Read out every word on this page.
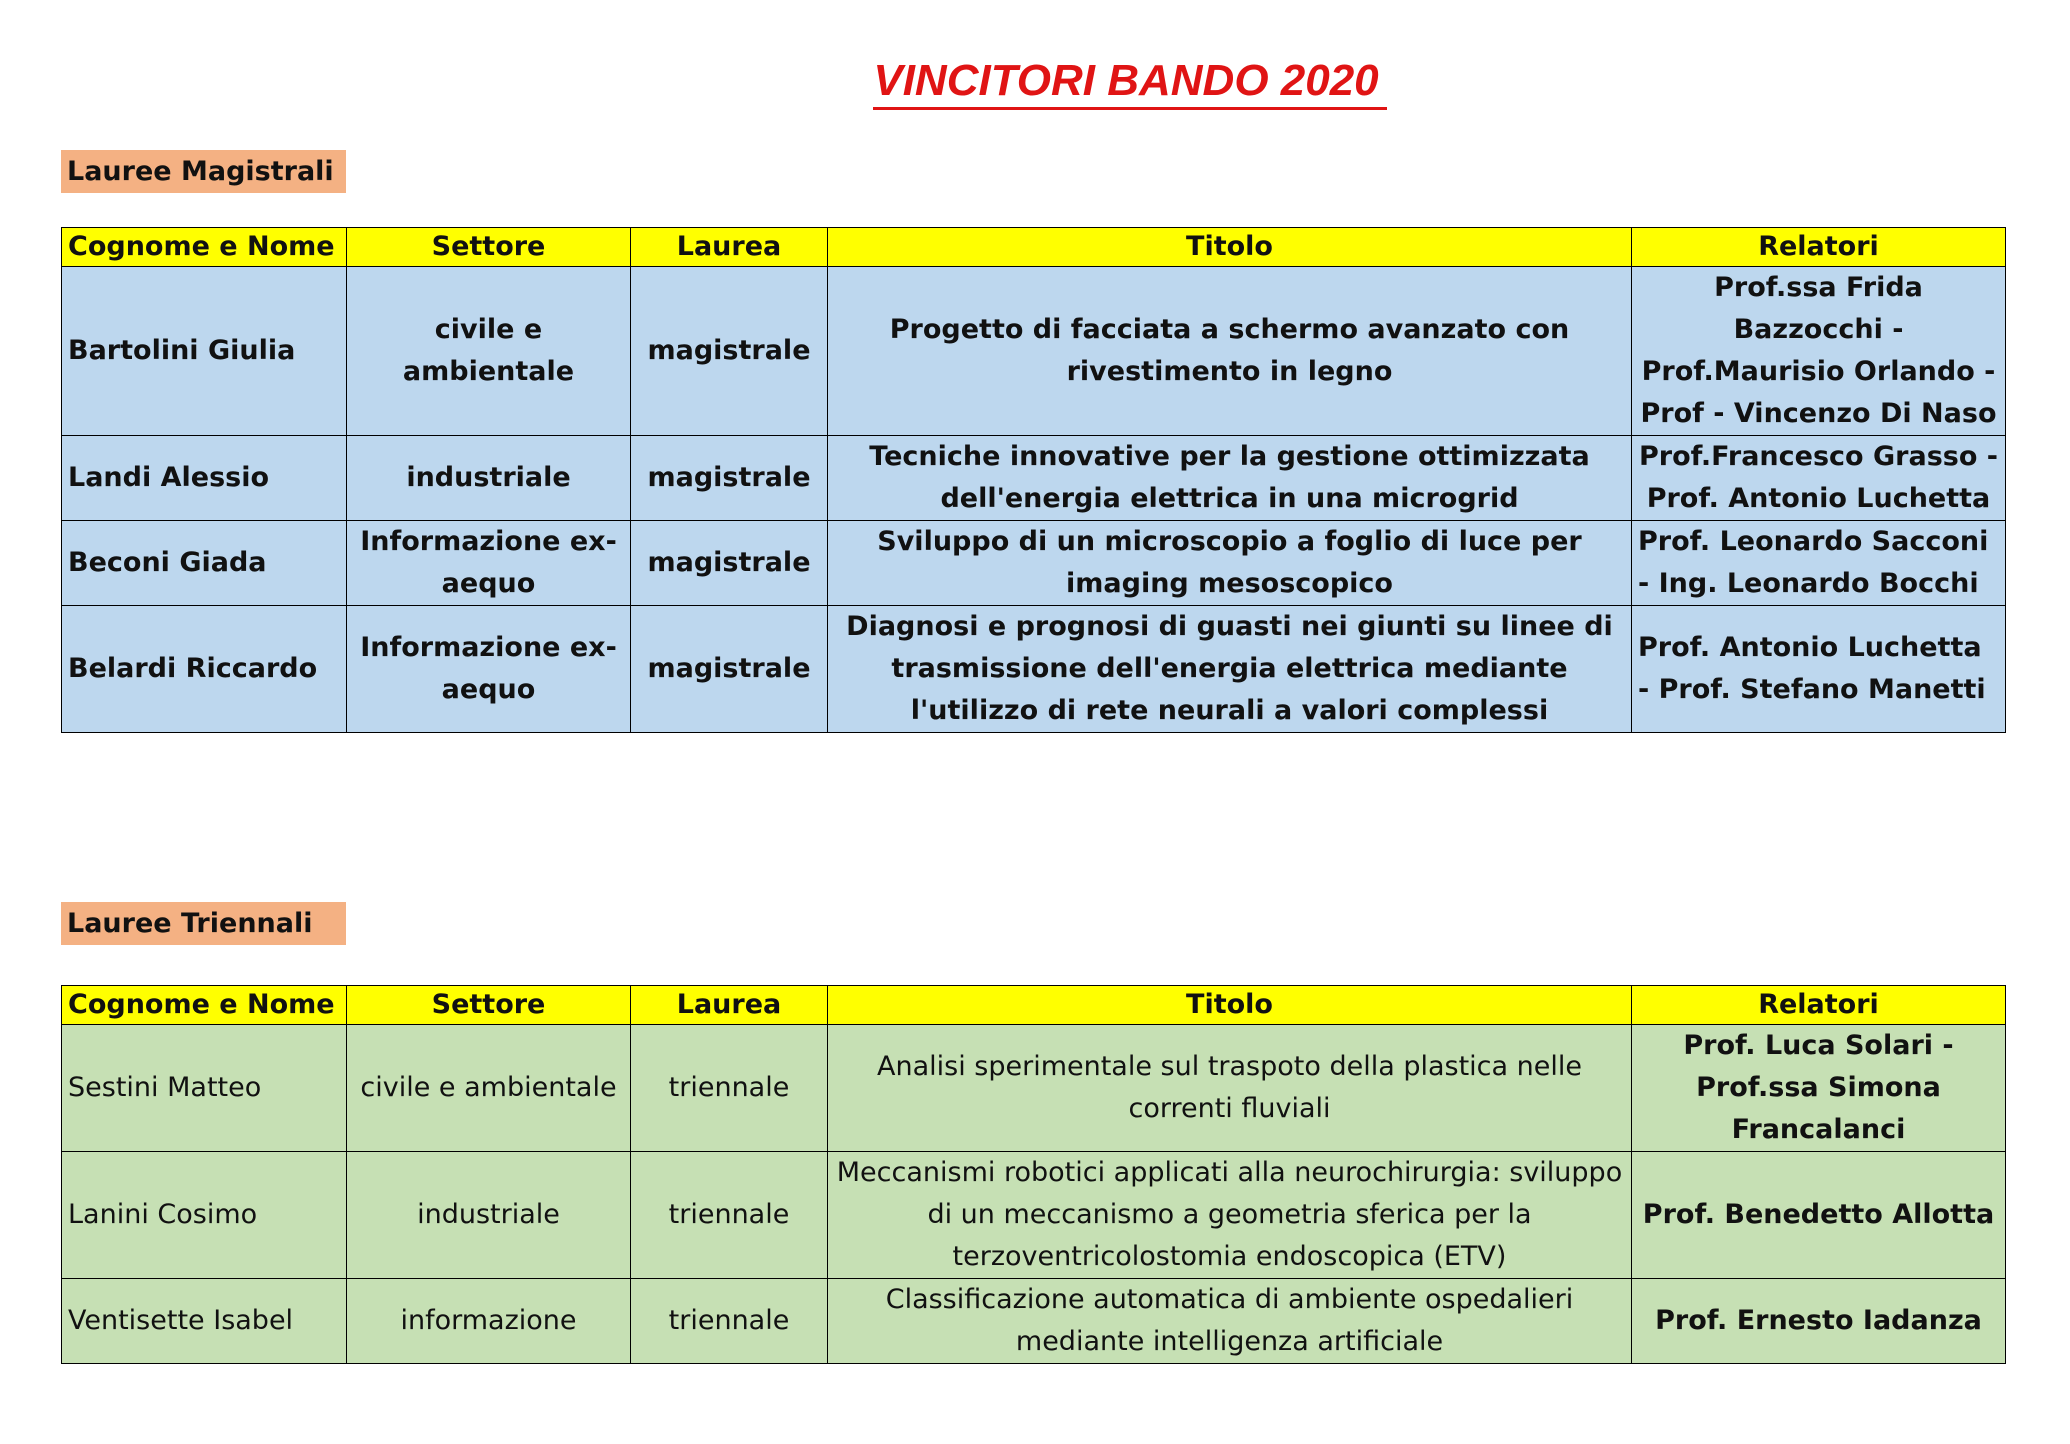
VINCITORI BANDO 2020
Lauree Magistrali
Cognome e Nome	Settore	Laurea	Titolo	Relatori
Bartolini Giulia	civile e ambientale	magistrale	Progetto di facciata a schermo avanzato con rivestimento in legno	Prof.ssa Frida Bazzocchi - Prof.Maurisio Orlando - Prof - Vincenzo Di Naso
Landi Alessio	industriale	magistrale	Tecniche innovative per la gestione ottimizzata dell'energia elettrica in una microgrid	Prof.Francesco Grasso - Prof. Antonio Luchetta
Beconi Giada	Informazione ex-aequo	magistrale	Sviluppo di un microscopio a foglio di luce per imaging mesoscopico	Prof. Leonardo Sacconi - Ing. Leonardo Bocchi
Belardi Riccardo	Informazione ex-aequo	magistrale	Diagnosi e prognosi di guasti nei giunti su linee di trasmissione dell'energia elettrica mediante l'utilizzo di rete neurali a valori complessi	Prof. Antonio Luchetta - Prof. Stefano Manetti
Lauree Triennali
Cognome e Nome	Settore	Laurea	Titolo	Relatori
Sestini Matteo	civile e ambientale	triennale	Analisi sperimentale sul traspoto della plastica nelle correnti fluviali	Prof. Luca Solari - Prof.ssa Simona Francalanci
Lanini Cosimo	industriale	triennale	Meccanismi robotici applicati alla neurochirurgia: sviluppo di un meccanismo a geometria sferica per la terzoventricolostomia endoscopica (ETV)	Prof. Benedetto Allotta
Ventisette Isabel	informazione	triennale	Classificazione automatica di ambiente ospedalieri mediante intelligenza artificiale	Prof. Ernesto Iadanza
